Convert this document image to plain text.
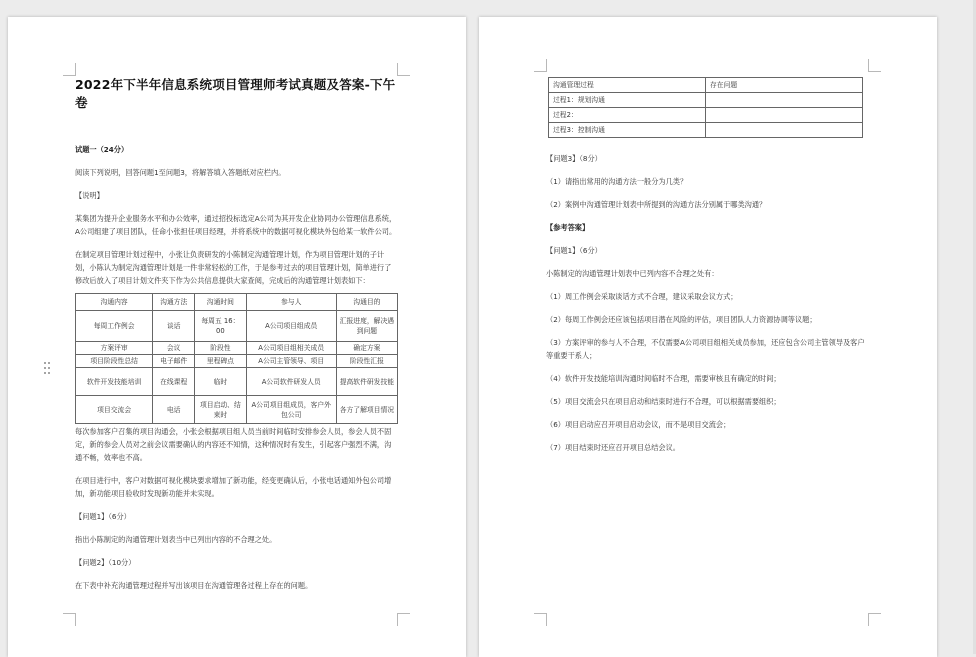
2022年下半年信息系统项目管理师考试真题及答案-下午卷
试题一（24分）
阅读下列说明，回答问题1至问题3，将解答填入答题纸对应栏内。
【说明】
某集团为提升企业服务水平和办公效率，通过招投标选定A公司为其开发企业协同办公管理信息系统，A公司组建了项目团队，任命小张担任项目经理，并将系统中的数据可视化模块外包给某一软件公司。
在制定项目管理计划过程中，小张让负责研发的小陈制定沟通管理计划，作为项目管理计划的子计划，小陈认为制定沟通管理计划是一件非常轻松的工作，于是参考过去的项目管理计划，简单进行了修改后放入了项目计划文件夹下作为公共信息提供大家查阅，完成后的沟通管理计划表如下：
沟通内容	沟通方法	沟通时间	参与人	沟通目的
每周工作例会	谈话	每周五 16：00	A公司项目组成员	汇报进度，解决遇到问题
方案评审	会议	阶段性	A公司项目组相关成员	确定方案
项目阶段性总结	电子邮件	里程碑点	A公司主管领导、项目	阶段性汇报
软件开发技能培训	在线课程	临时	A公司软件研发人员	提高软件研发技能
项目交流会	电话	项目启动、结束时	A公司项目组成员，客户外包公司	各方了解项目情况
每次参加客户召集的项目沟通会，小张会根据项目组人员当前时间临时安排参会人员，参会人员不固定，新的参会人员对之前会议需要确认的内容还不知情，这种情况时有发生，引起客户强烈不满，沟通不畅，效率也不高。
在项目进行中，客户对数据可视化模块要求增加了新功能，经变更确认后，小张电话通知外包公司增加，新功能项目验收时发现新功能并未实现。
【问题1】（6分）
指出小陈制定的沟通管理计划表当中已列出内容的不合理之处。
【问题2】（10分）
在下表中补充沟通管理过程并写出该项目在沟通管理各过程上存在的问题。
沟通管理过程	存在问题
过程1：规划沟通	
过程2：	
过程3：控制沟通	
【问题3】（8分）
（1）请指出常用的沟通方法一般分为几类？
（2）案例中沟通管理计划表中所提到的沟通方法分别属于哪类沟通？
【参考答案】
【问题1】（6分）
小陈制定的沟通管理计划表中已列内容不合理之处有：
（1）周工作例会采取谈话方式不合理，建议采取会议方式；
（2）每周工作例会还应该包括项目潜在风险的评估，项目团队人力资源协调等议题；
（3）方案评审的参与人不合理，不仅需要A公司项目组相关成员参加，还应包含公司主管领导及客户等重要干系人；
（4）软件开发技能培训沟通时间临时不合理，需要审核且有确定的时间；
（5）项目交流会只在项目启动和结束时进行不合理，可以根据需要组织；
（6）项目启动应召开项目启动会议，而不是项目交流会；
（7）项目结束时还应召开项目总结会议。
